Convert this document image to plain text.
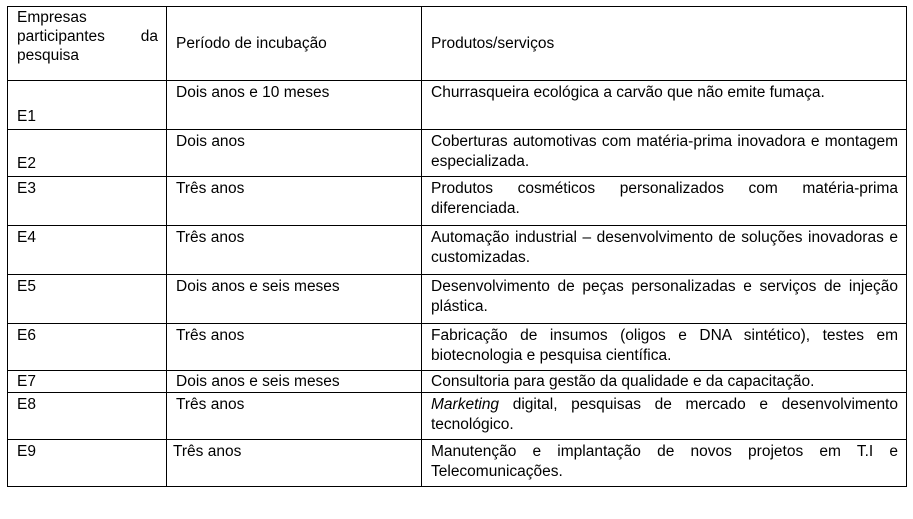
Empresas participantes da pesquisa	Período de incubação	Produtos/serviços
E1	Dois anos e 10 meses	Churrasqueira ecológica a carvão que não emite fumaça.
E2	Dois anos	Coberturas automotivas com matéria-prima inovadora e montagem especializada.
E3	Três anos	Produtos cosméticos personalizados com matéria-prima diferenciada.
E4	Três anos	Automação industrial – desenvolvimento de soluções inovadoras e customizadas.
E5	Dois anos e seis meses	Desenvolvimento de peças personalizadas e serviços de injeção plástica.
E6	Três anos	Fabricação de insumos (oligos e DNA sintético), testes em biotecnologia e pesquisa científica.
E7	Dois anos e seis meses	Consultoria para gestão da qualidade e da capacitação.
E8	Três anos	Marketing digital, pesquisas de mercado e desenvolvimento tecnológico.
E9	Três anos	Manutenção e implantação de novos projetos em T.I e Telecomunicações.
